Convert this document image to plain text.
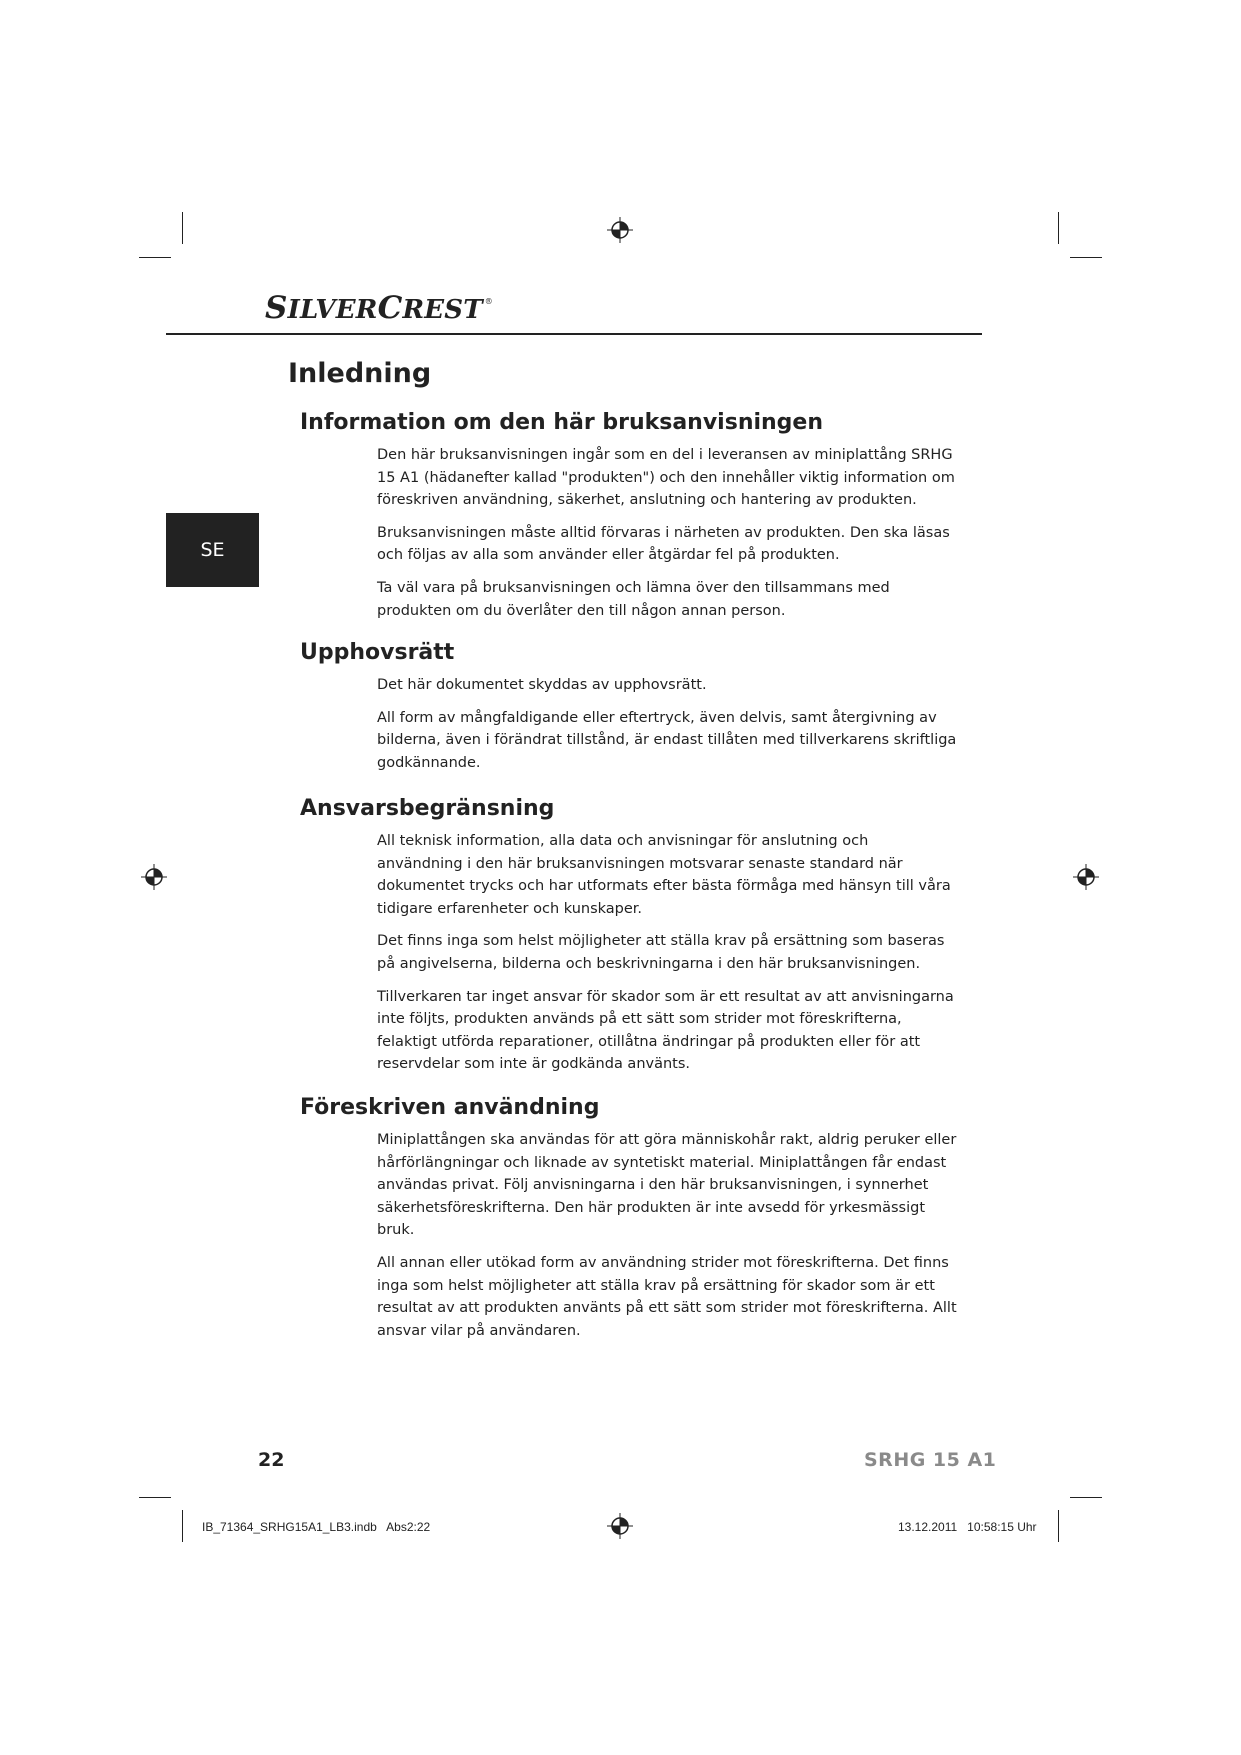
SILVERCREST ®
SE
Inledning
Information om den här bruksanvisningen

Den här bruksanvisningen ingår som en del i leveransen av miniplattång SRHG 15 A1 (hädanefter kallad "produkten") och den innehåller viktig information om föreskriven användning, säkerhet, anslutning och hantering av produkten.

Bruksanvisningen måste alltid förvaras i närheten av produkten. Den ska läsas och följas av alla som använder eller åtgärdar fel på produkten.

Ta väl vara på bruksanvisningen och lämna över den tillsammans med produkten om du överlåter den till någon annan person.

Upphovsrätt

Det här dokumentet skyddas av upphovsrätt.

All form av mångfaldigande eller eftertryck, även delvis, samt återgivning av bilderna, även i förändrat tillstånd, är endast tillåten med tillverkarens skriftliga godkännande.

Ansvarsbegränsning

All teknisk information, alla data och anvisningar för anslutning och användning i den här bruksanvisningen motsvarar senaste standard när dokumentet trycks och har utformats efter bästa förmåga med hänsyn till våra tidigare erfarenheter och kunskaper.

Det finns inga som helst möjligheter att ställa krav på ersättning som baseras på angivelserna, bilderna och beskrivningarna i den här bruksanvisningen.

Tillverkaren tar inget ansvar för skador som är ett resultat av att anvisningarna inte följts, produkten används på ett sätt som strider mot föreskrifterna, felaktigt utförda reparationer, otillåtna ändringar på produkten eller för att reservdelar som inte är godkända använts.

Föreskriven användning

Miniplattången ska användas för att göra människohår rakt, aldrig peruker eller hårförlängningar och liknade av syntetiskt material. Miniplattången får endast användas privat. Följ anvisningarna i den här bruksanvisningen, i synnerhet säkerhetsföreskrifterna. Den här produkten är inte avsedd för yrkesmässigt bruk.

All annan eller utökad form av användning strider mot föreskrifterna. Det finns inga som helst möjligheter att ställa krav på ersättning för skador som är ett resultat av att produkten använts på ett sätt som strider mot föreskrifterna. Allt ansvar vilar på användaren.

22	SRHG 15 A1
IB_71364_SRHG15A1_LB3.indb   Abs2:22	13.12.2011   10:58:15 Uhr
